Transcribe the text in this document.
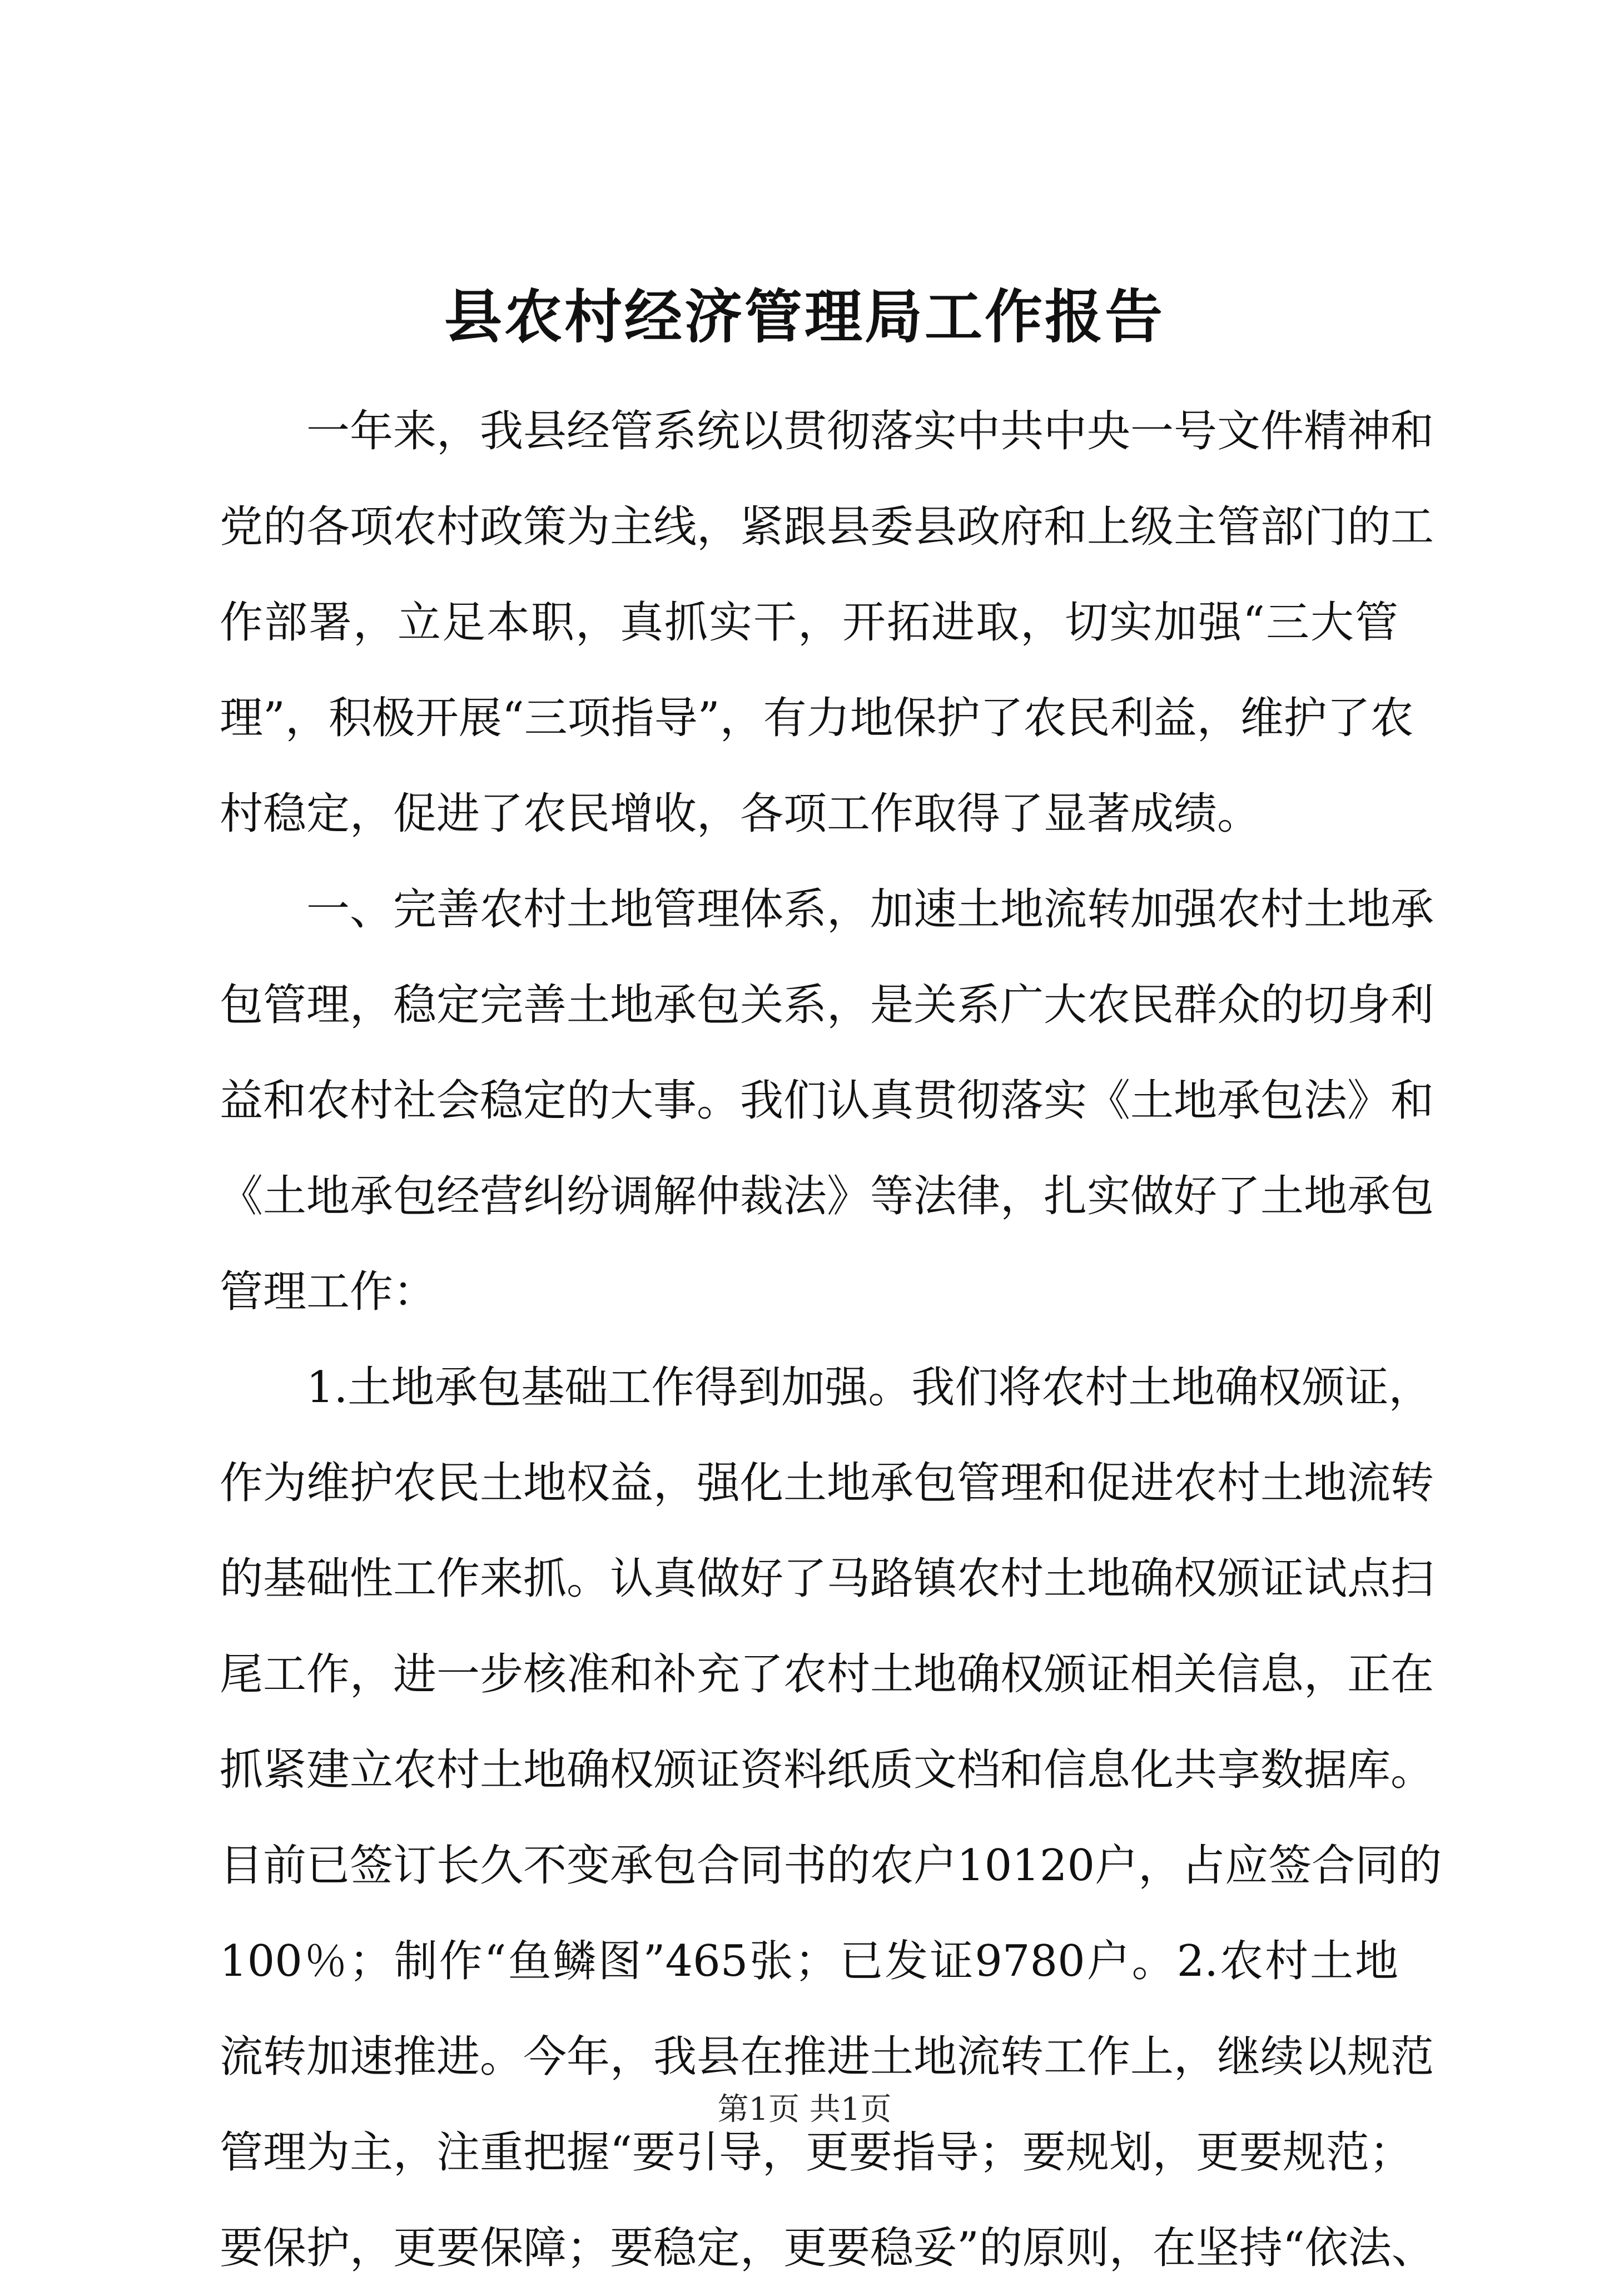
县农村经济管理局工作报告
一年来，我县经管系统以贯彻落实中共中央一号文件精神和
党的各项农村政策为主线，紧跟县委县政府和上级主管部门的工
作部署，立足本职，真抓实干，开拓进取，切实加强“三大管
理”，积极开展“三项指导”，有力地保护了农民利益，维护了农
村稳定，促进了农民增收，各项工作取得了显著成绩。
一、完善农村土地管理体系，加速土地流转加强农村土地承
包管理，稳定完善土地承包关系，是关系广大农民群众的切身利
益和农村社会稳定的大事。我们认真贯彻落实《土地承包法》和
《土地承包经营纠纷调解仲裁法》等法律，扎实做好了土地承包
管理工作：
1.土地承包基础工作得到加强。我们将农村土地确权颁证，
作为维护农民土地权益，强化土地承包管理和促进农村土地流转
的基础性工作来抓。认真做好了马路镇农村土地确权颁证试点扫
尾工作，进一步核准和补充了农村土地确权颁证相关信息，正在
抓紧建立农村土地确权颁证资料纸质文档和信息化共享数据库。
目前已签订长久不变承包合同书的农户10120户，占应签合同的
100％；制作“鱼鳞图”465张；已发证9780户。2.农村土地
流转加速推进。今年，我县在推进土地流转工作上，继续以规范
管理为主，注重把握“要引导，更要指导；要规划，更要规范；
要保护，更要保障；要稳定，更要稳妥”的原则，在坚持“依法、
第1页 共1页
